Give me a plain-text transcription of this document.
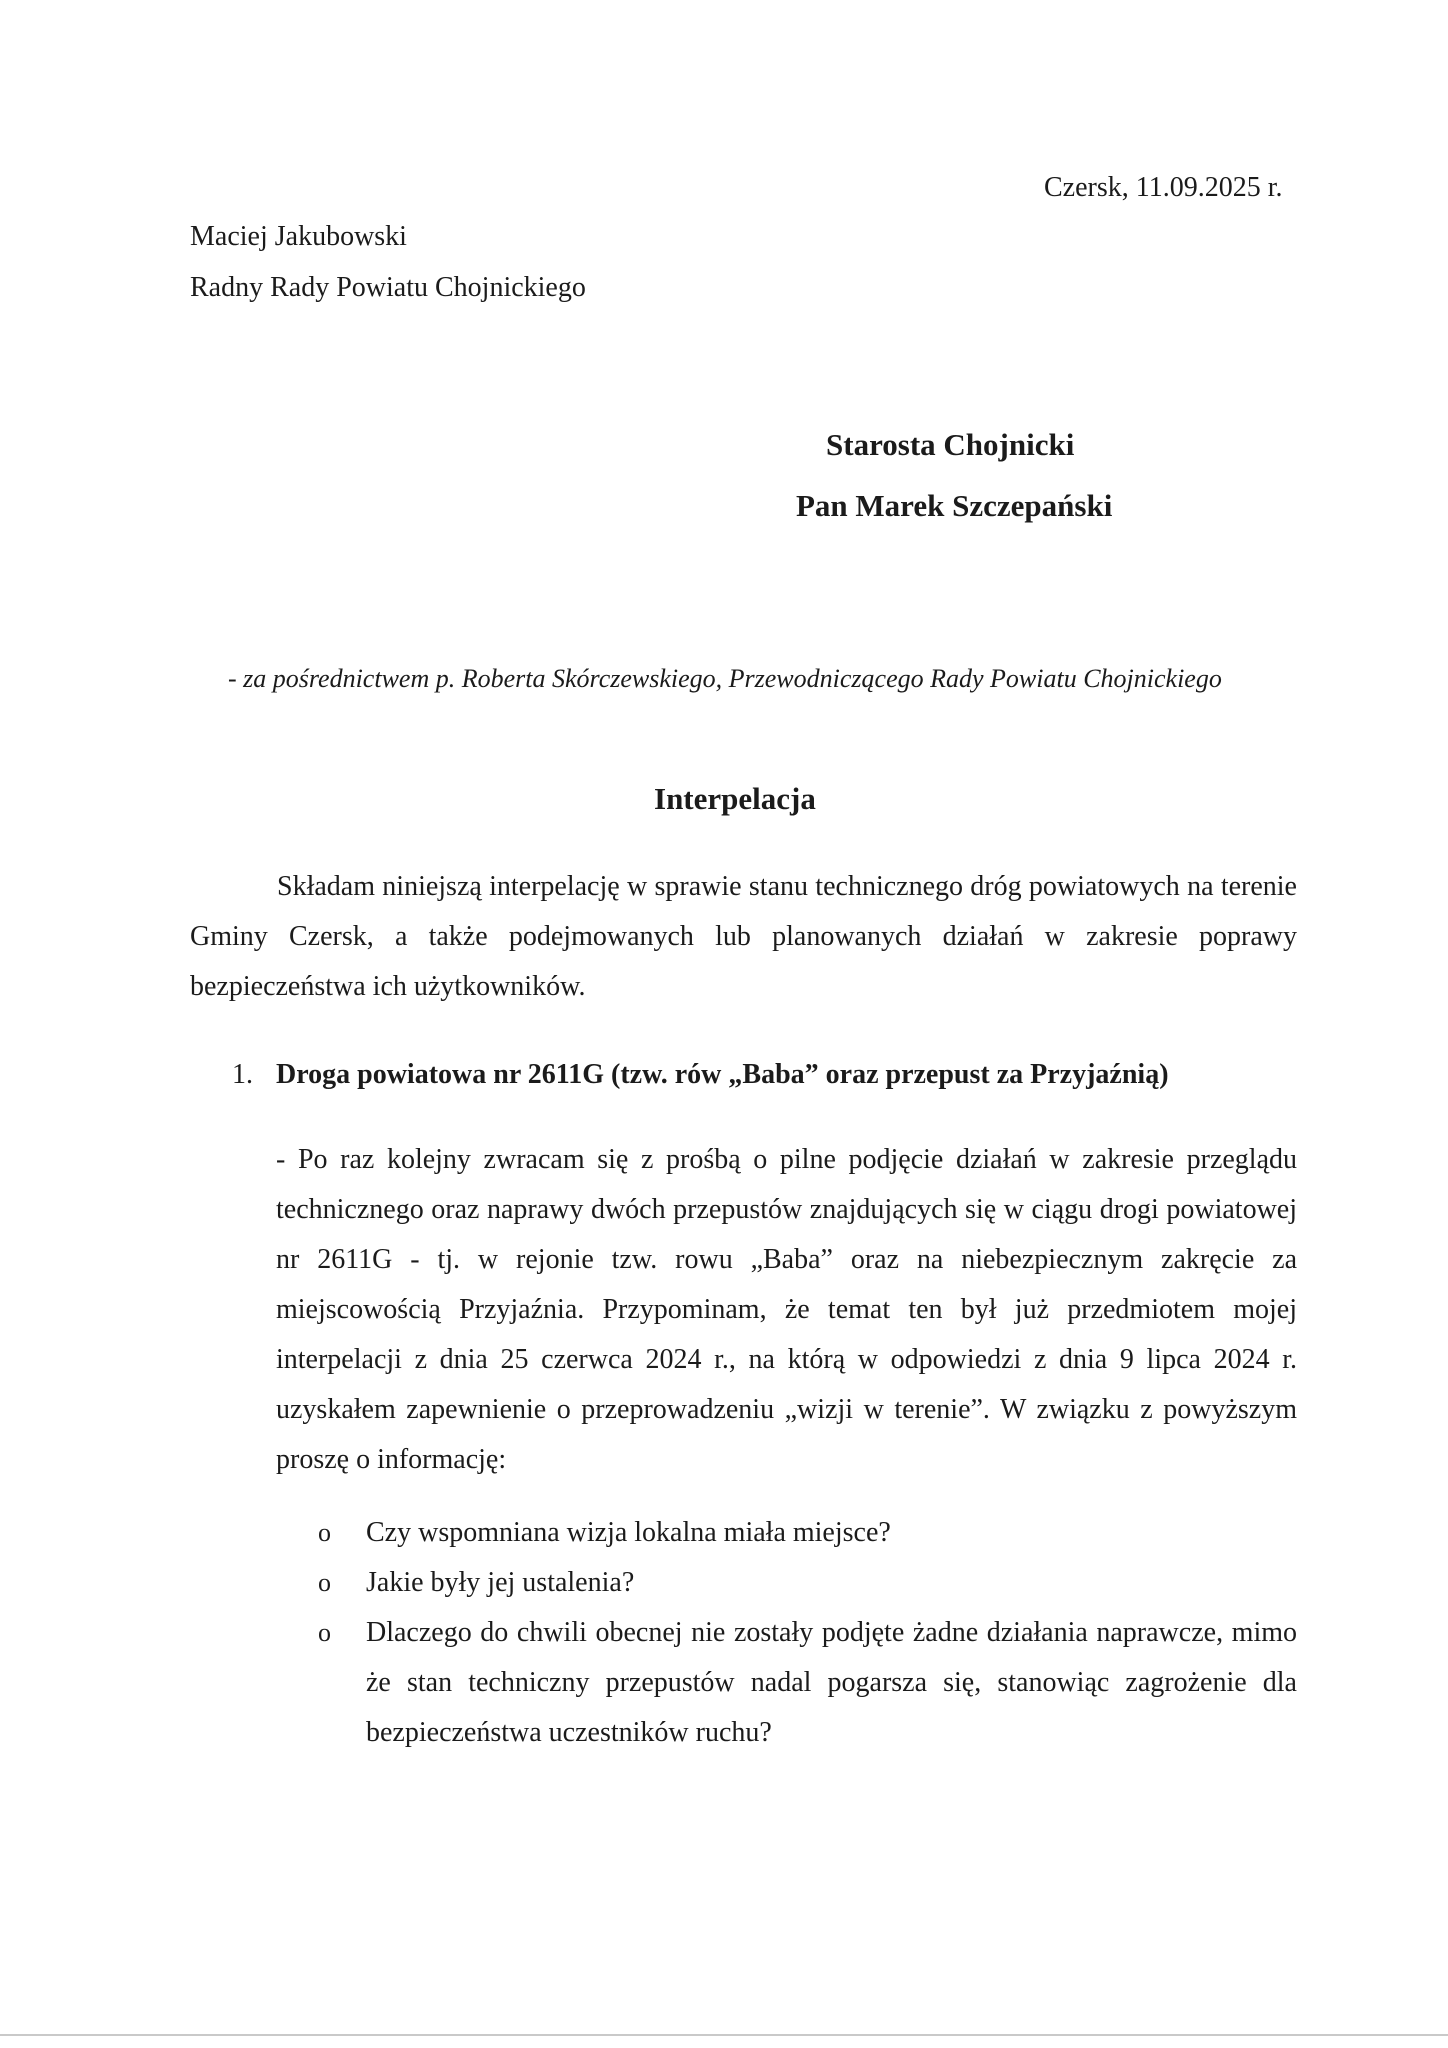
Czersk, 11.09.2025 r.

Maciej Jakubowski

Radny Rady Powiatu Chojnickiego

Starosta Chojnicki

Pan Marek Szczepański

- za pośrednictwem p. Roberta Skórczewskiego, Przewodniczącego Rady Powiatu Chojnickiego

Interpelacja

Składam niniejszą interpelację w sprawie stanu technicznego dróg powiatowych na terenie Gminy Czersk, a także podejmowanych lub planowanych działań w zakresie poprawy bezpieczeństwa ich użytkowników.

1. Droga powiatowa nr 2611G (tzw. rów „Baba” oraz przepust za Przyjaźnią)

- Po raz kolejny zwracam się z prośbą o pilne podjęcie działań w zakresie przeglądu technicznego oraz naprawy dwóch przepustów znajdujących się w ciągu drogi powiatowej nr 2611G - tj. w rejonie tzw. rowu „Baba” oraz na niebezpiecznym zakręcie za miejscowością Przyjaźnia. Przypominam, że temat ten był już przedmiotem mojej interpelacji z dnia 25 czerwca 2024 r., na którą w odpowiedzi z dnia 9 lipca 2024 r. uzyskałem zapewnienie o przeprowadzeniu „wizji w terenie”. W związku z powyższym proszę o informację:

o Czy wspomniana wizja lokalna miała miejsce?
o Jakie były jej ustalenia?
o Dlaczego do chwili obecnej nie zostały podjęte żadne działania naprawcze, mimo że stan techniczny przepustów nadal pogarsza się, stanowiąc zagrożenie dla bezpieczeństwa uczestników ruchu?
